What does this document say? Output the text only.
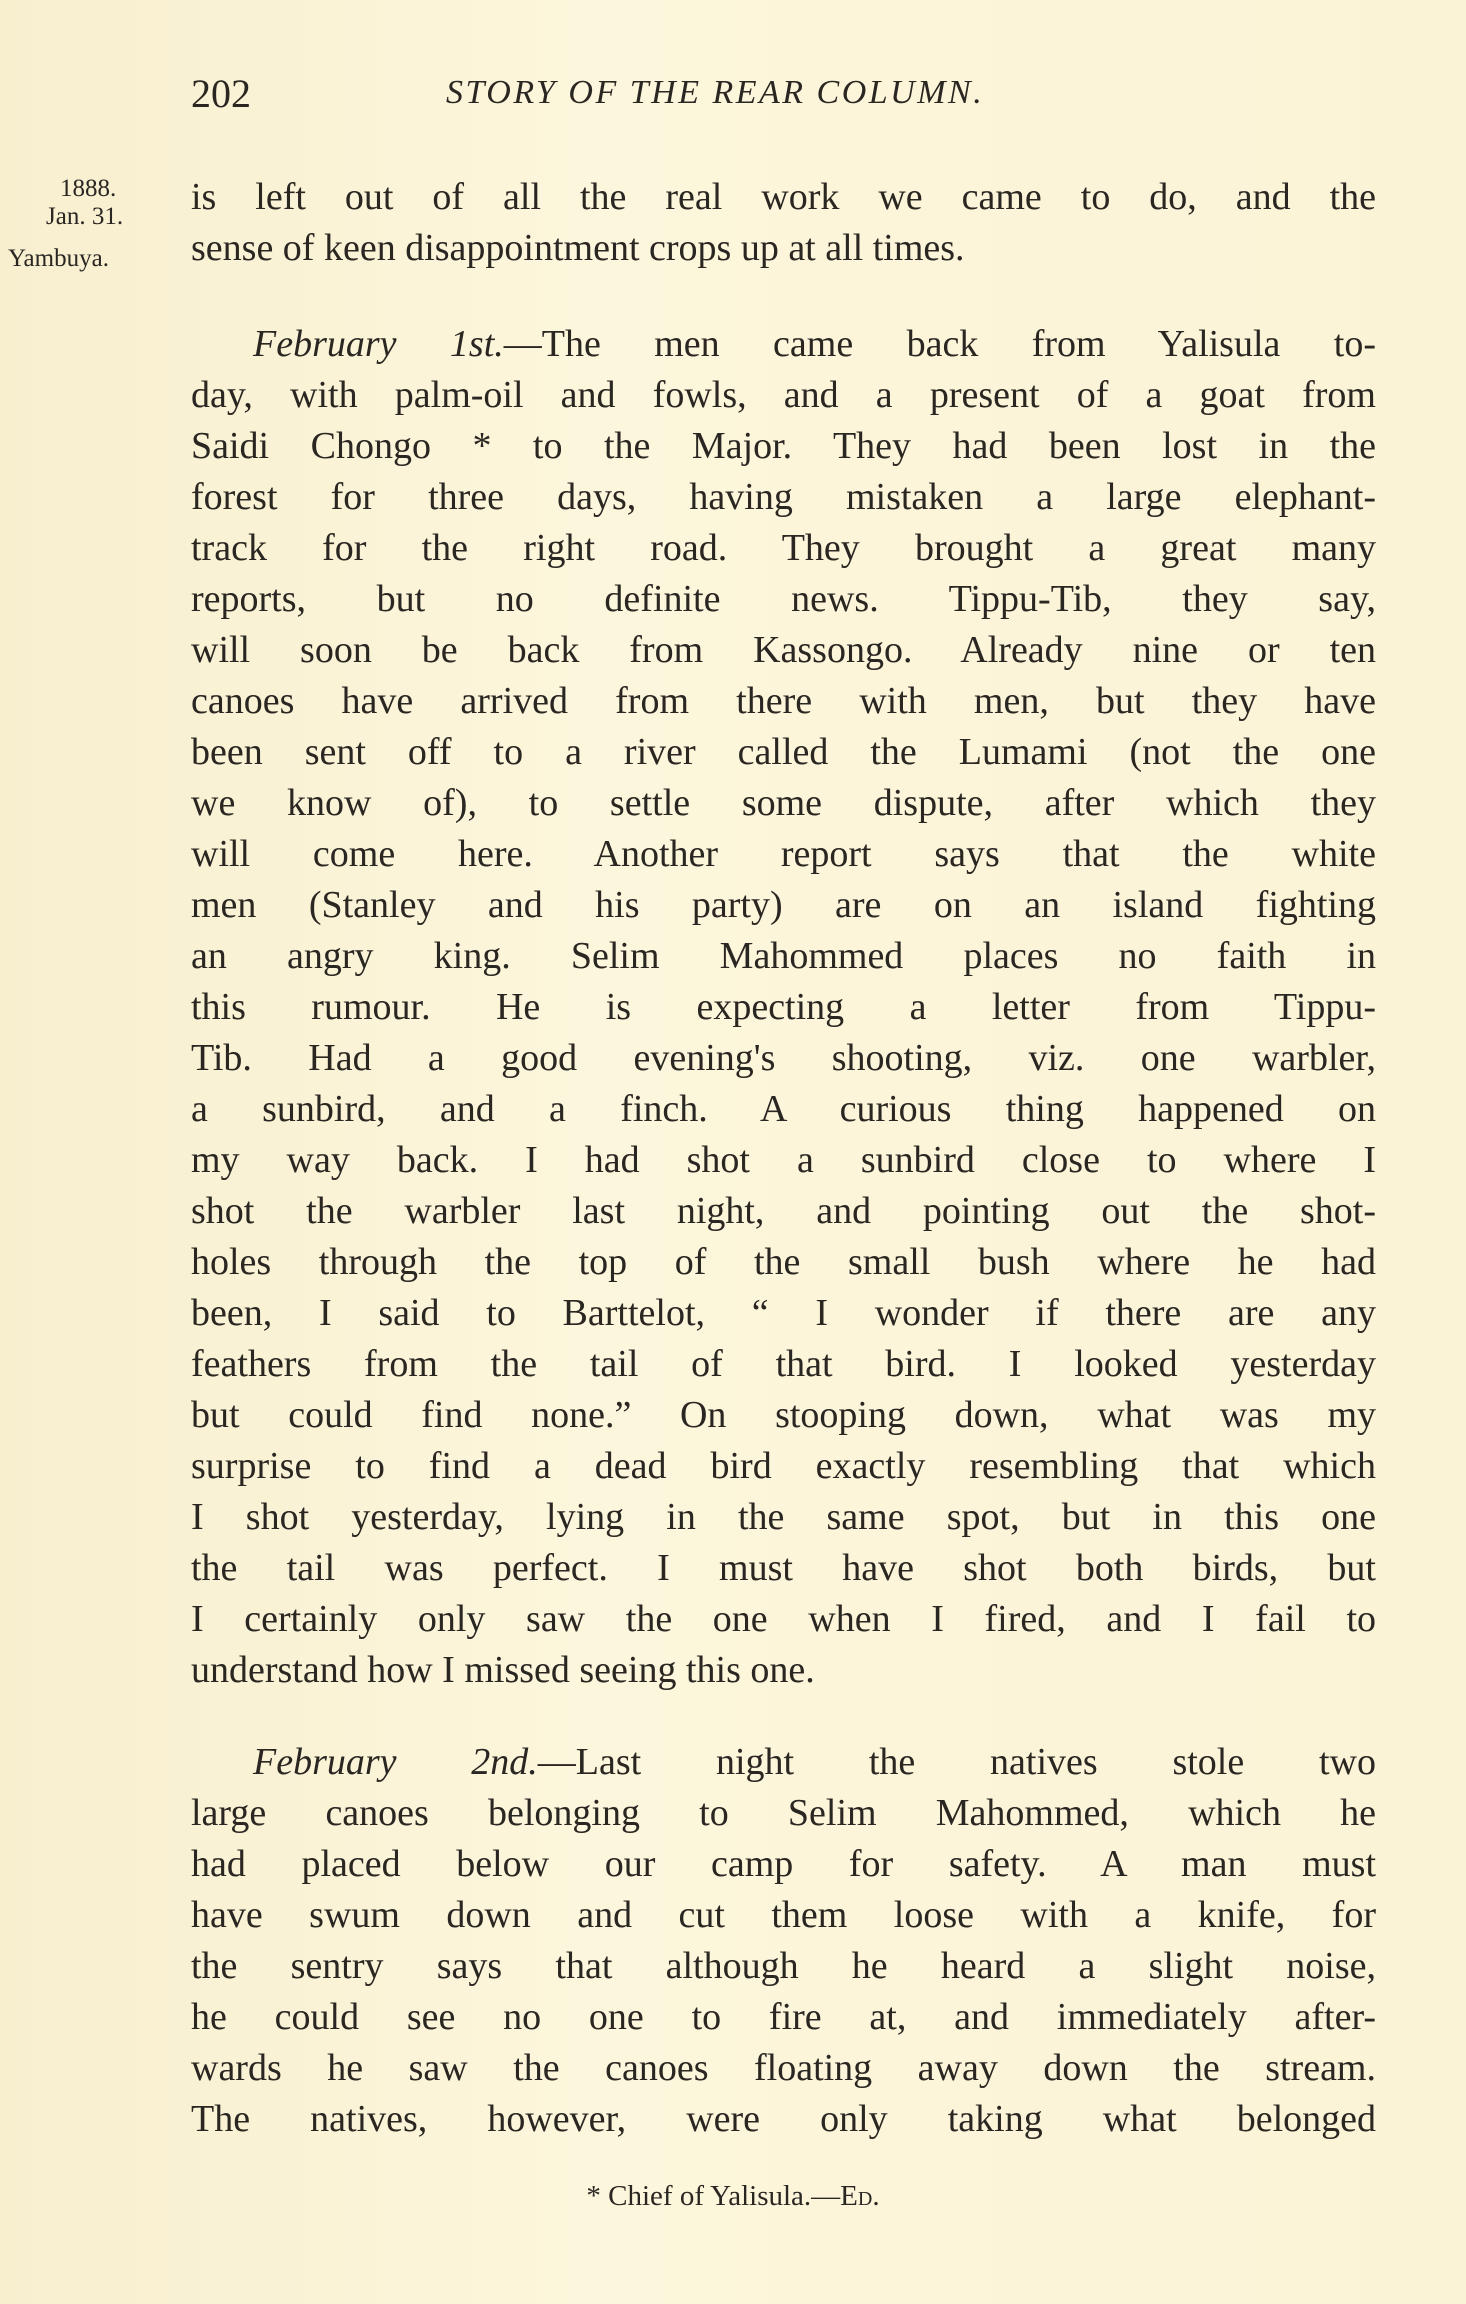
202	STORY OF THE REAR COLUMN.
1888.
Jan. 31.
Yambuya.
is left out of all the real work we came to do, and the
sense of keen disappointment crops up at all times.
February 1st.—The men came back from Yalisula to-
day, with palm-oil and fowls, and a present of a goat from
Saidi Chongo * to the Major. They had been lost in the
forest for three days, having mistaken a large elephant-
track for the right road. They brought a great many
reports, but no definite news. Tippu-Tib, they say,
will soon be back from Kassongo. Already nine or ten
canoes have arrived from there with men, but they have
been sent off to a river called the Lumami (not the one
we know of), to settle some dispute, after which they
will come here. Another report says that the white
men (Stanley and his party) are on an island fighting
an angry king. Selim Mahommed places no faith in
this rumour. He is expecting a letter from Tippu-
Tib. Had a good evening's shooting, viz. one warbler,
a sunbird, and a finch. A curious thing happened on
my way back. I had shot a sunbird close to where I
shot the warbler last night, and pointing out the shot-
holes through the top of the small bush where he had
been, I said to Barttelot, “ I wonder if there are any
feathers from the tail of that bird. I looked yesterday
but could find none.” On stooping down, what was my
surprise to find a dead bird exactly resembling that which
I shot yesterday, lying in the same spot, but in this one
the tail was perfect. I must have shot both birds, but
I certainly only saw the one when I fired, and I fail to
understand how I missed seeing this one.
February 2nd.—Last night the natives stole two
large canoes belonging to Selim Mahommed, which he
had placed below our camp for safety. A man must
have swum down and cut them loose with a knife, for
the sentry says that although he heard a slight noise,
he could see no one to fire at, and immediately after-
wards he saw the canoes floating away down the stream.
The natives, however, were only taking what belonged
* Chief of Yalisula.—Ed.
